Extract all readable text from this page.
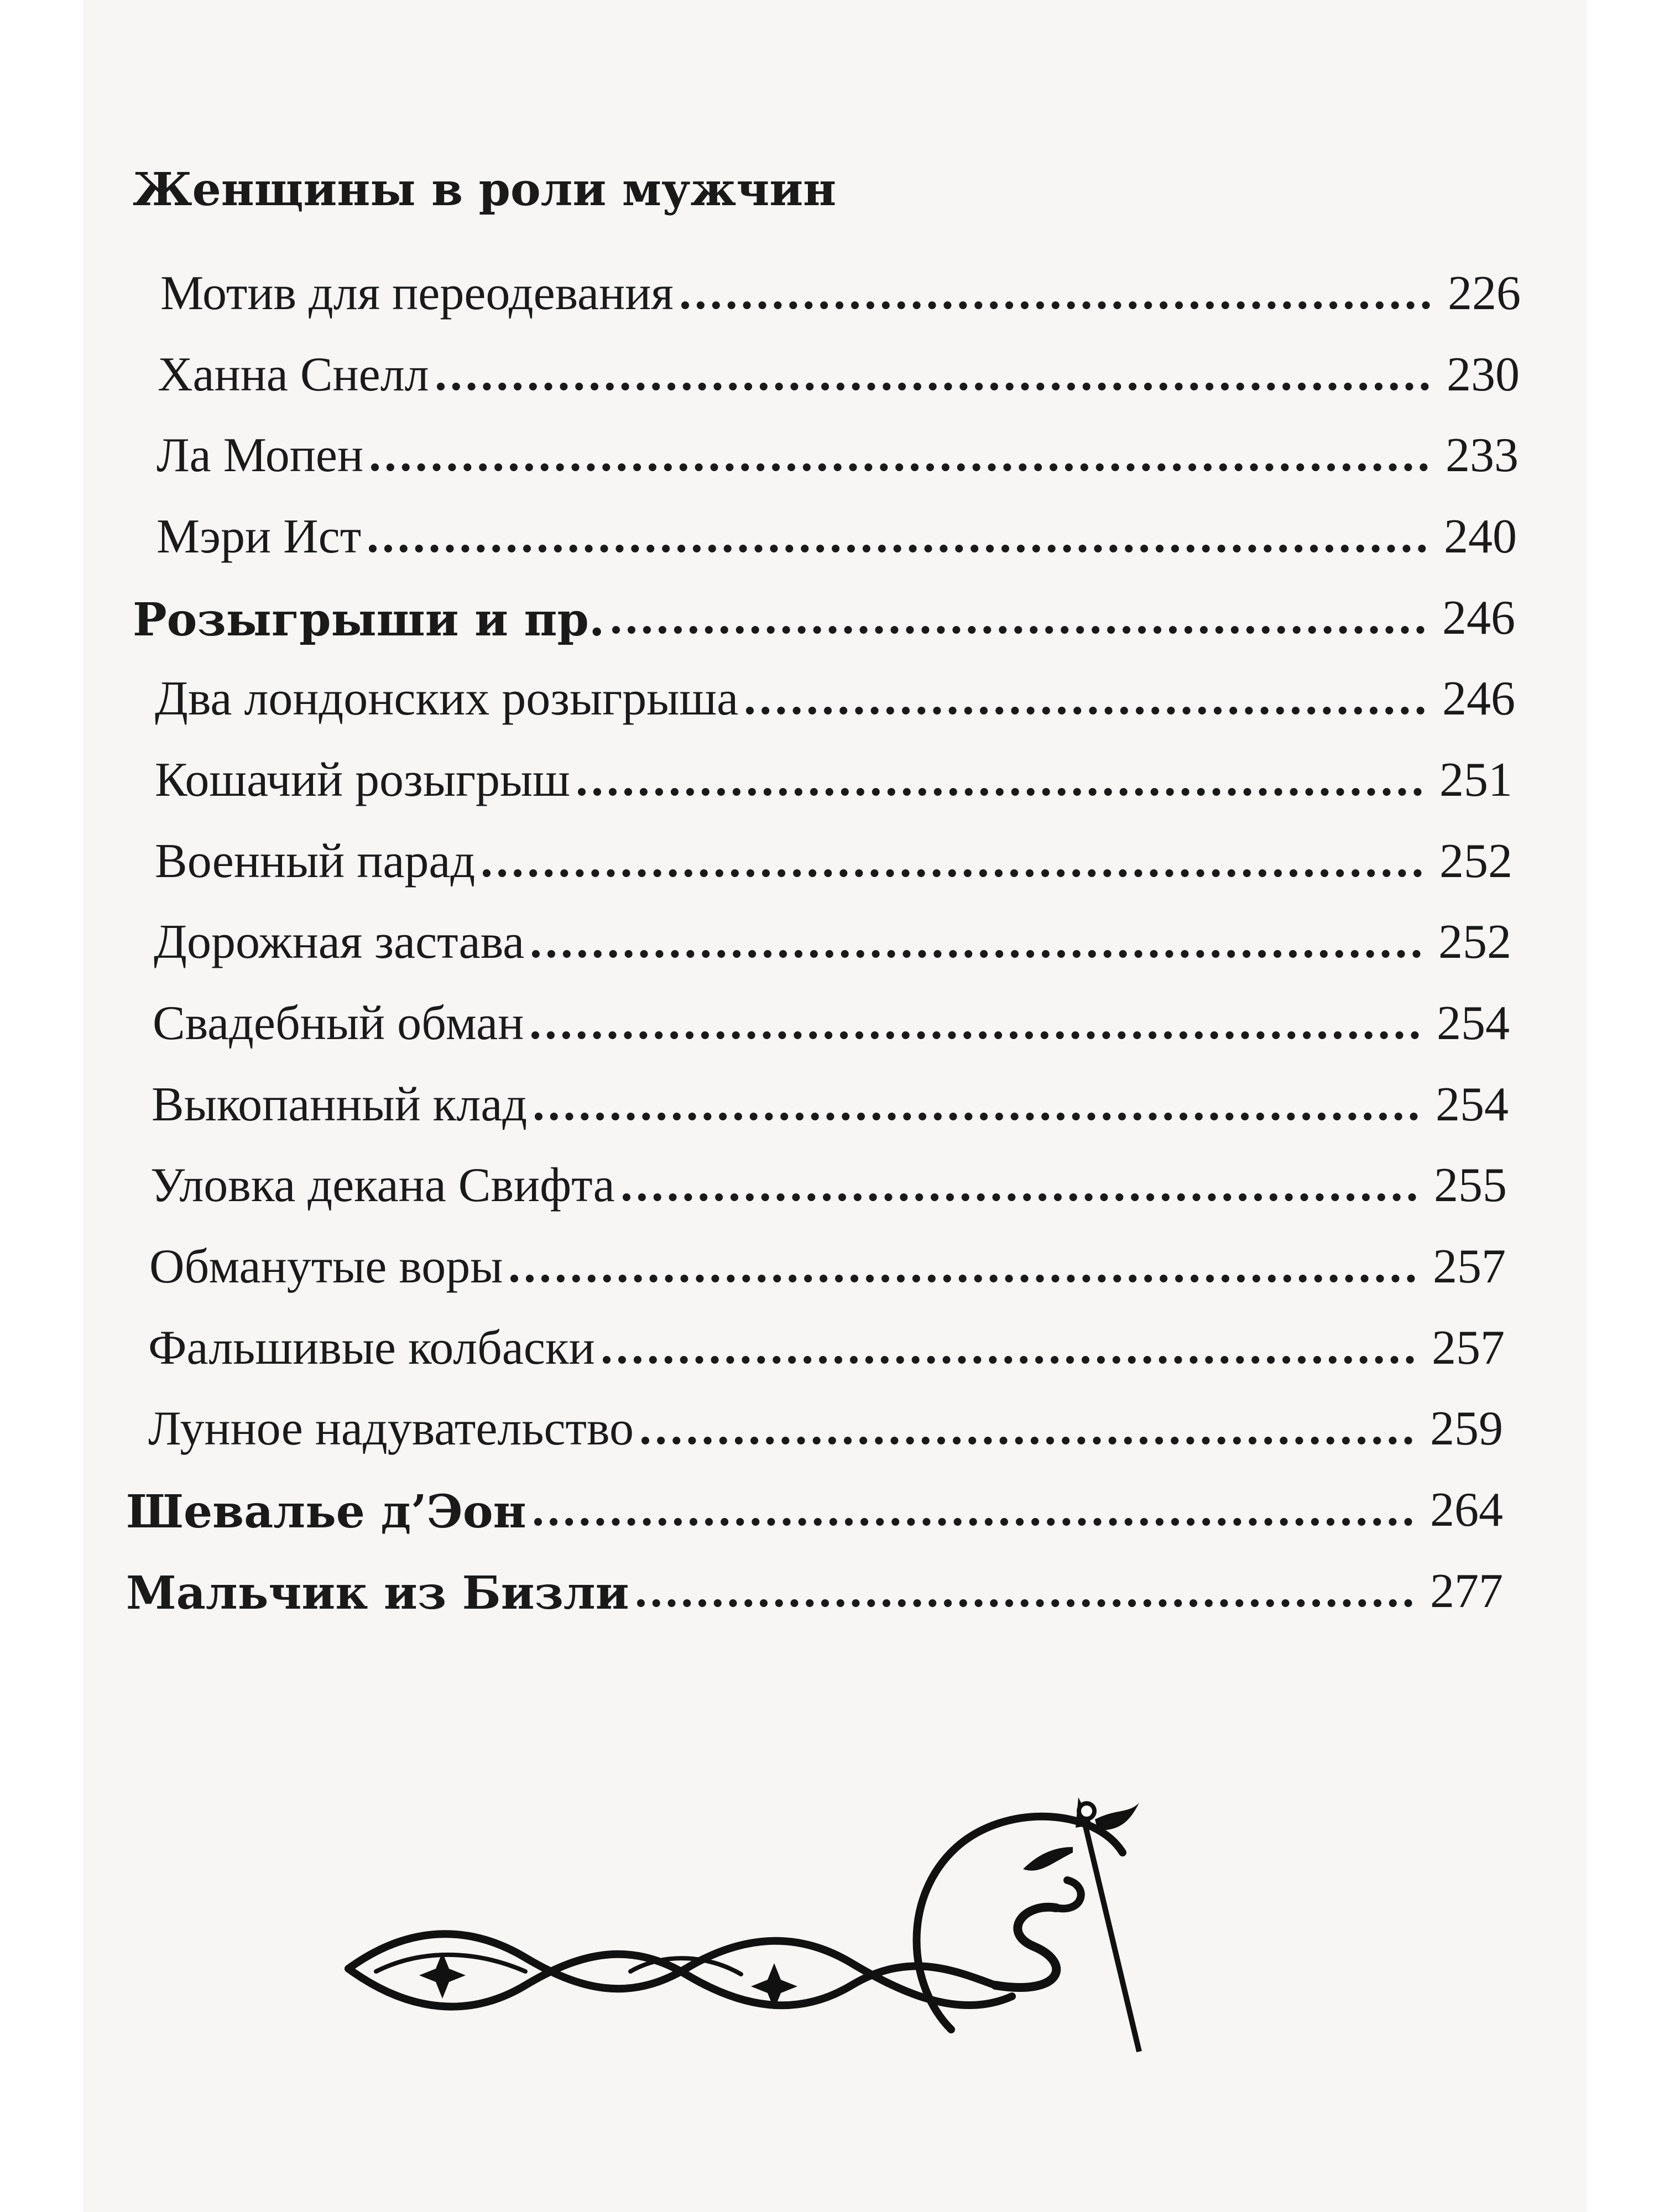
Женщины в роли мужчин
Мотив для переодевания	226
Ханна Снелл	230
Ла Мопен	233
Мэри Ист	240
Розыгрыши и пр.	246
Два лондонских розыгрыша	246
Кошачий розыгрыш	251
Военный парад	252
Дорожная застава	252
Свадебный обман	254
Выкопанный клад	254
Уловка декана Свифта	255
Обманутые воры	257
Фальшивые колбаски	257
Лунное надувательство	259
Шевалье д’Эон	264
Мальчик из Бизли	277
